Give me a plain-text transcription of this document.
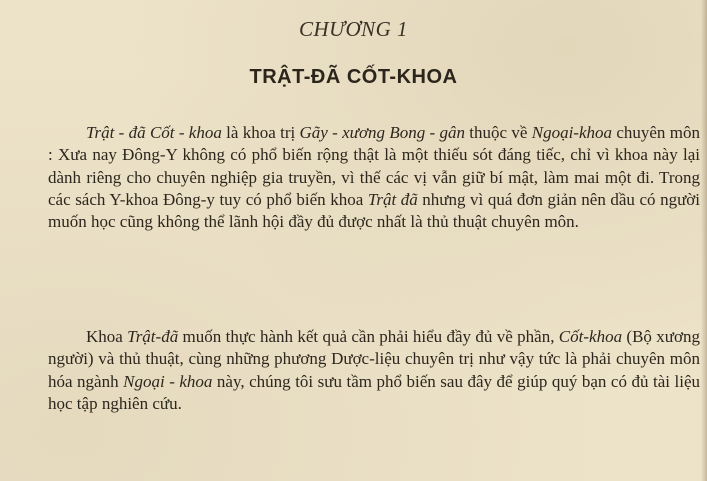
CHƯƠNG 1
TRẬT-ĐÃ CỐT-KHOA
Trật - đã Cốt - khoa là khoa trị Gãy - xương Bong - gân thuộc về Ngoại-khoa chuyên môn : Xưa nay Đông-Y không có phổ biến rộng thật là một thiếu sót đáng tiếc, chỉ vì khoa này lại dành riêng cho chuyên nghiệp gia truyền, vì thế các vị vẫn giữ bí mật, làm mai một đi. Trong các sách Y-khoa Đông-y tuy có phổ biến khoa Trật đã nhưng vì quá đơn giản nên dầu có người muốn học cũng không thể lãnh hội đầy đủ được nhất là thủ thuật chuyên môn.
Khoa Trật-đã muốn thực hành kết quả cần phải hiểu đầy đủ về phần, Cốt-khoa (Bộ xương người) và thủ thuật, cùng những phương Dược-liệu chuyên trị như vậy tức là phải chuyên môn hóa ngành Ngoại - khoa này, chúng tôi sưu tầm phổ biến sau đây để giúp quý bạn có đủ tài liệu học tập nghiên cứu.
